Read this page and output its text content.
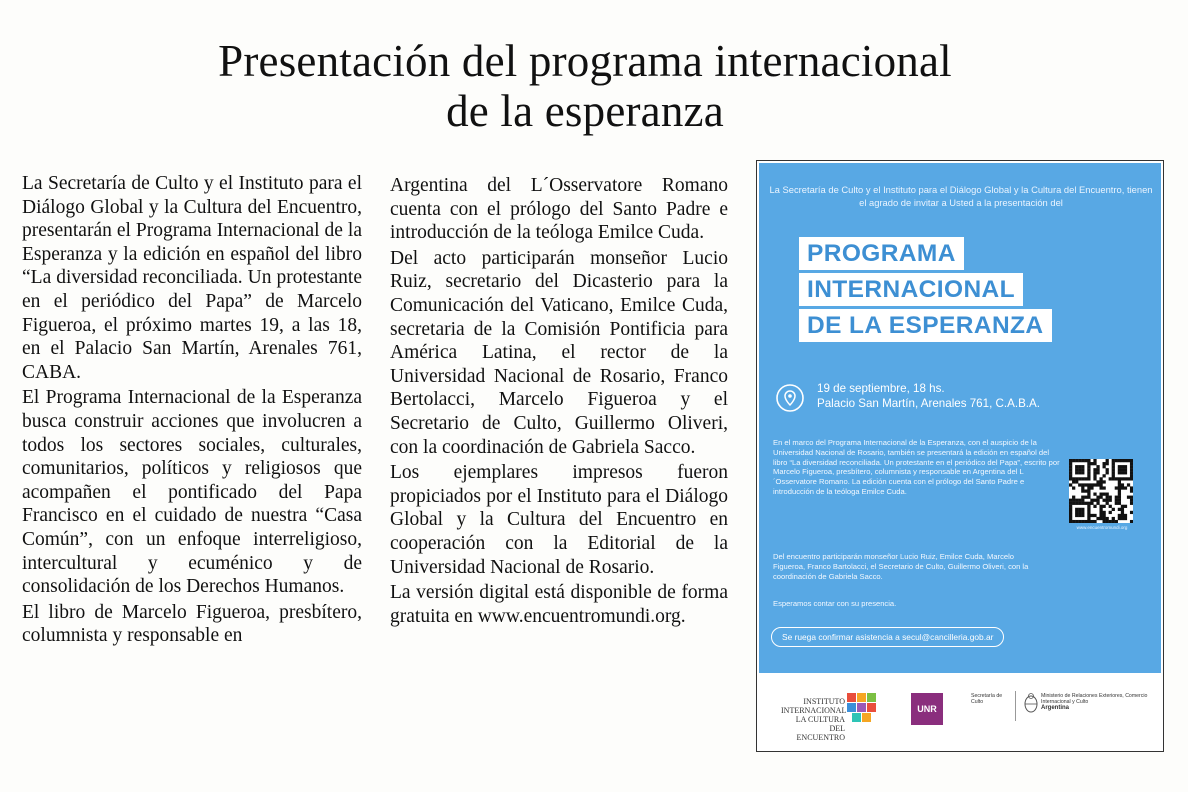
Presentación del programa internacional
de la esperanza

La Secretaría de Culto y el Instituto para el Diálogo Global y la Cultura del Encuentro, presentarán el Programa Internacional de la Esperanza y la edición en español del libro “La diversidad reconciliada. Un protestante en el periódico del Papa” de Marcelo Figueroa, el próximo martes 19, a las 18, en el Palacio San Martín, Arenales 761, CABA.

El Programa Internacional de la Esperanza busca construir acciones que involucren a todos los sectores sociales, culturales, comunitarios, políticos y religiosos que acompañen el pontificado del Papa Francisco en el cuidado de nuestra “Casa Común”, con un enfoque interreligioso, intercultural y ecuménico y de consolidación de los Derechos Humanos.

El libro de Marcelo Figueroa, presbítero, columnista y responsable en

Argentina del L´Osservatore Romano cuenta con el prólogo del Santo Padre e introducción de la teóloga Emilce Cuda.

Del acto participarán monseñor Lucio Ruiz, secretario del Dicasterio para la Comunicación del Vaticano, Emilce Cuda, secretaria de la Comisión Pontificia para América Latina, el rector de la Universidad Nacional de Rosario, Franco Bertolacci, Marcelo Figueroa y el Secretario de Culto, Guillermo Oliveri, con la coordinación de Gabriela Sacco.

Los ejemplares impresos fueron propiciados por el Instituto para el Diálogo Global y la Cultura del Encuentro en cooperación con la Editorial de la Universidad Nacional de Rosario.

La versión digital está disponible de forma gratuita en www.encuentromundi.org.

La Secretaría de Culto y el Instituto para el Diálogo Global y la Cultura del Encuentro, tienen el agrado de invitar a Usted a la presentación del
PROGRAMA
INTERNACIONAL
DE LA ESPERANZA
19 de septiembre, 18 hs.
Palacio San Martín, Arenales 761, C.A.B.A.
En el marco del Programa Internacional de la Esperanza, con el auspicio de la Universidad Nacional de Rosario, también se presentará la edición en español del libro “La diversidad reconciliada. Un protestante en el periódico del Papa”, escrito por Marcelo Figueroa, presbítero, columnista y responsable en Argentina del L´Osservatore Romano. La edición cuenta con el prólogo del Santo Padre e introducción de la teóloga Emilce Cuda.
Del encuentro participarán monseñor Lucio Ruiz, Emilce Cuda, Marcelo Figueroa, Franco Bartolacci, el Secretario de Culto, Guillermo Oliveri, con la coordinación de Gabriela Sacco.
Esperamos contar con su presencia.
Se ruega confirmar asistencia a secul@cancilleria.gob.ar
www.encuentromundi.org
INSTITUTO INTERNACIONAL LA CULTURA DEL ENCUENTRO
UNR
Secretaría de Culto
Ministerio de Relaciones Exteriores, Comercio Internacional y Culto
Argentina
